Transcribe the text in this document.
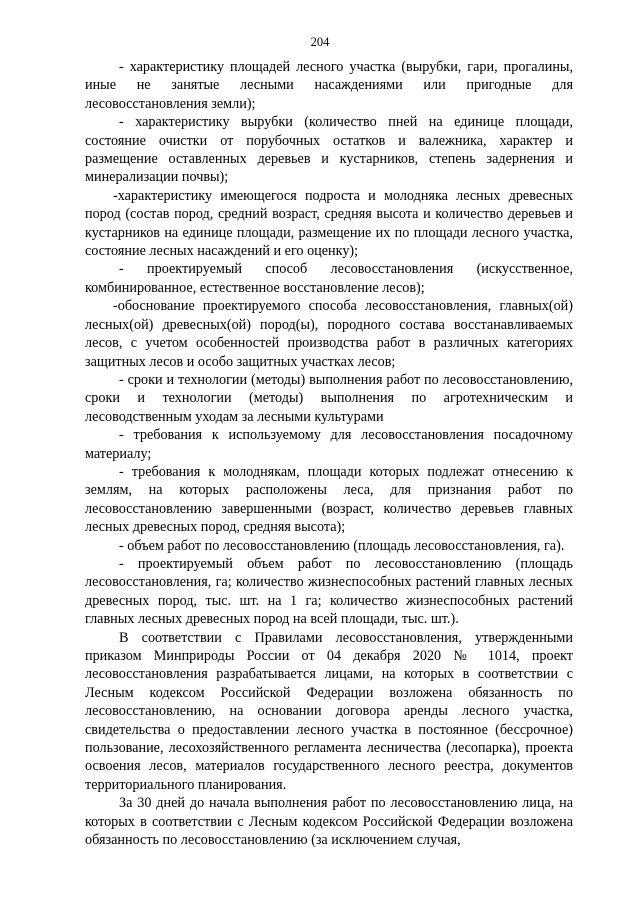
204

- характеристику площадей лесного участка (вырубки, гари, прогалины, иные не занятые лесными насаждениями или пригодные для лесовосстановления земли);

- характеристику вырубки (количество пней на единице площади, состояние очистки от порубочных остатков и валежника, характер и размещение оставленных деревьев и кустарников, степень задернения и минерализации почвы);

-характеристику имеющегося подроста и молодняка лесных древесных пород (состав пород, средний возраст, средняя высота и количество деревьев и кустарников на единице площади, размещение их по площади лесного участка, состояние лесных насаждений и его оценку);

- проектируемый способ лесовосстановления (искусственное, комбинированное, естественное восстановление лесов);

-обоснование проектируемого способа лесовосстановления, главных(ой) лесных(ой) древесных(ой) пород(ы), породного состава восстанавливаемых лесов, с учетом особенностей производства работ в различных категориях защитных лесов и особо защитных участках лесов;

- сроки и технологии (методы) выполнения работ по лесовосстановлению, сроки и технологии (методы) выполнения по агротехническим и лесоводственным уходам за лесными культурами

- требования к используемому для лесовосстановления посадочному материалу;

- требования к молоднякам, площади которых подлежат отнесению к землям, на которых расположены леса, для признания работ по лесовосстановлению завершенными (возраст, количество деревьев главных лесных древесных пород, средняя высота);

- объем работ по лесовосстановлению (площадь лесовосстановления, га).

- проектируемый объем работ по лесовосстановлению (площадь лесовосстановления, га; количество жизнеспособных растений главных лесных древесных пород, тыс. шт. на 1 га; количество жизнеспособных растений главных лесных древесных пород на всей площади, тыс. шт.).

В соответствии с Правилами лесовосстановления, утвержденными приказом Минприроды России от 04 декабря 2020 № 1014, проект лесовосстановления разрабатывается лицами, на которых в соответствии с Лесным кодексом Российской Федерации возложена обязанность по лесовосстановлению, на основании договора аренды лесного участка, свидетельства о предоставлении лесного участка в постоянное (бессрочное) пользование, лесохозяйственного регламента лесничества (лесопарка), проекта освоения лесов, материалов государственного лесного реестра, документов территориального планирования.

За 30 дней до начала выполнения работ по лесовосстановлению лица, на которых в соответствии с Лесным кодексом Российской Федерации возложена обязанность по лесовосстановлению (за исключением случая,
